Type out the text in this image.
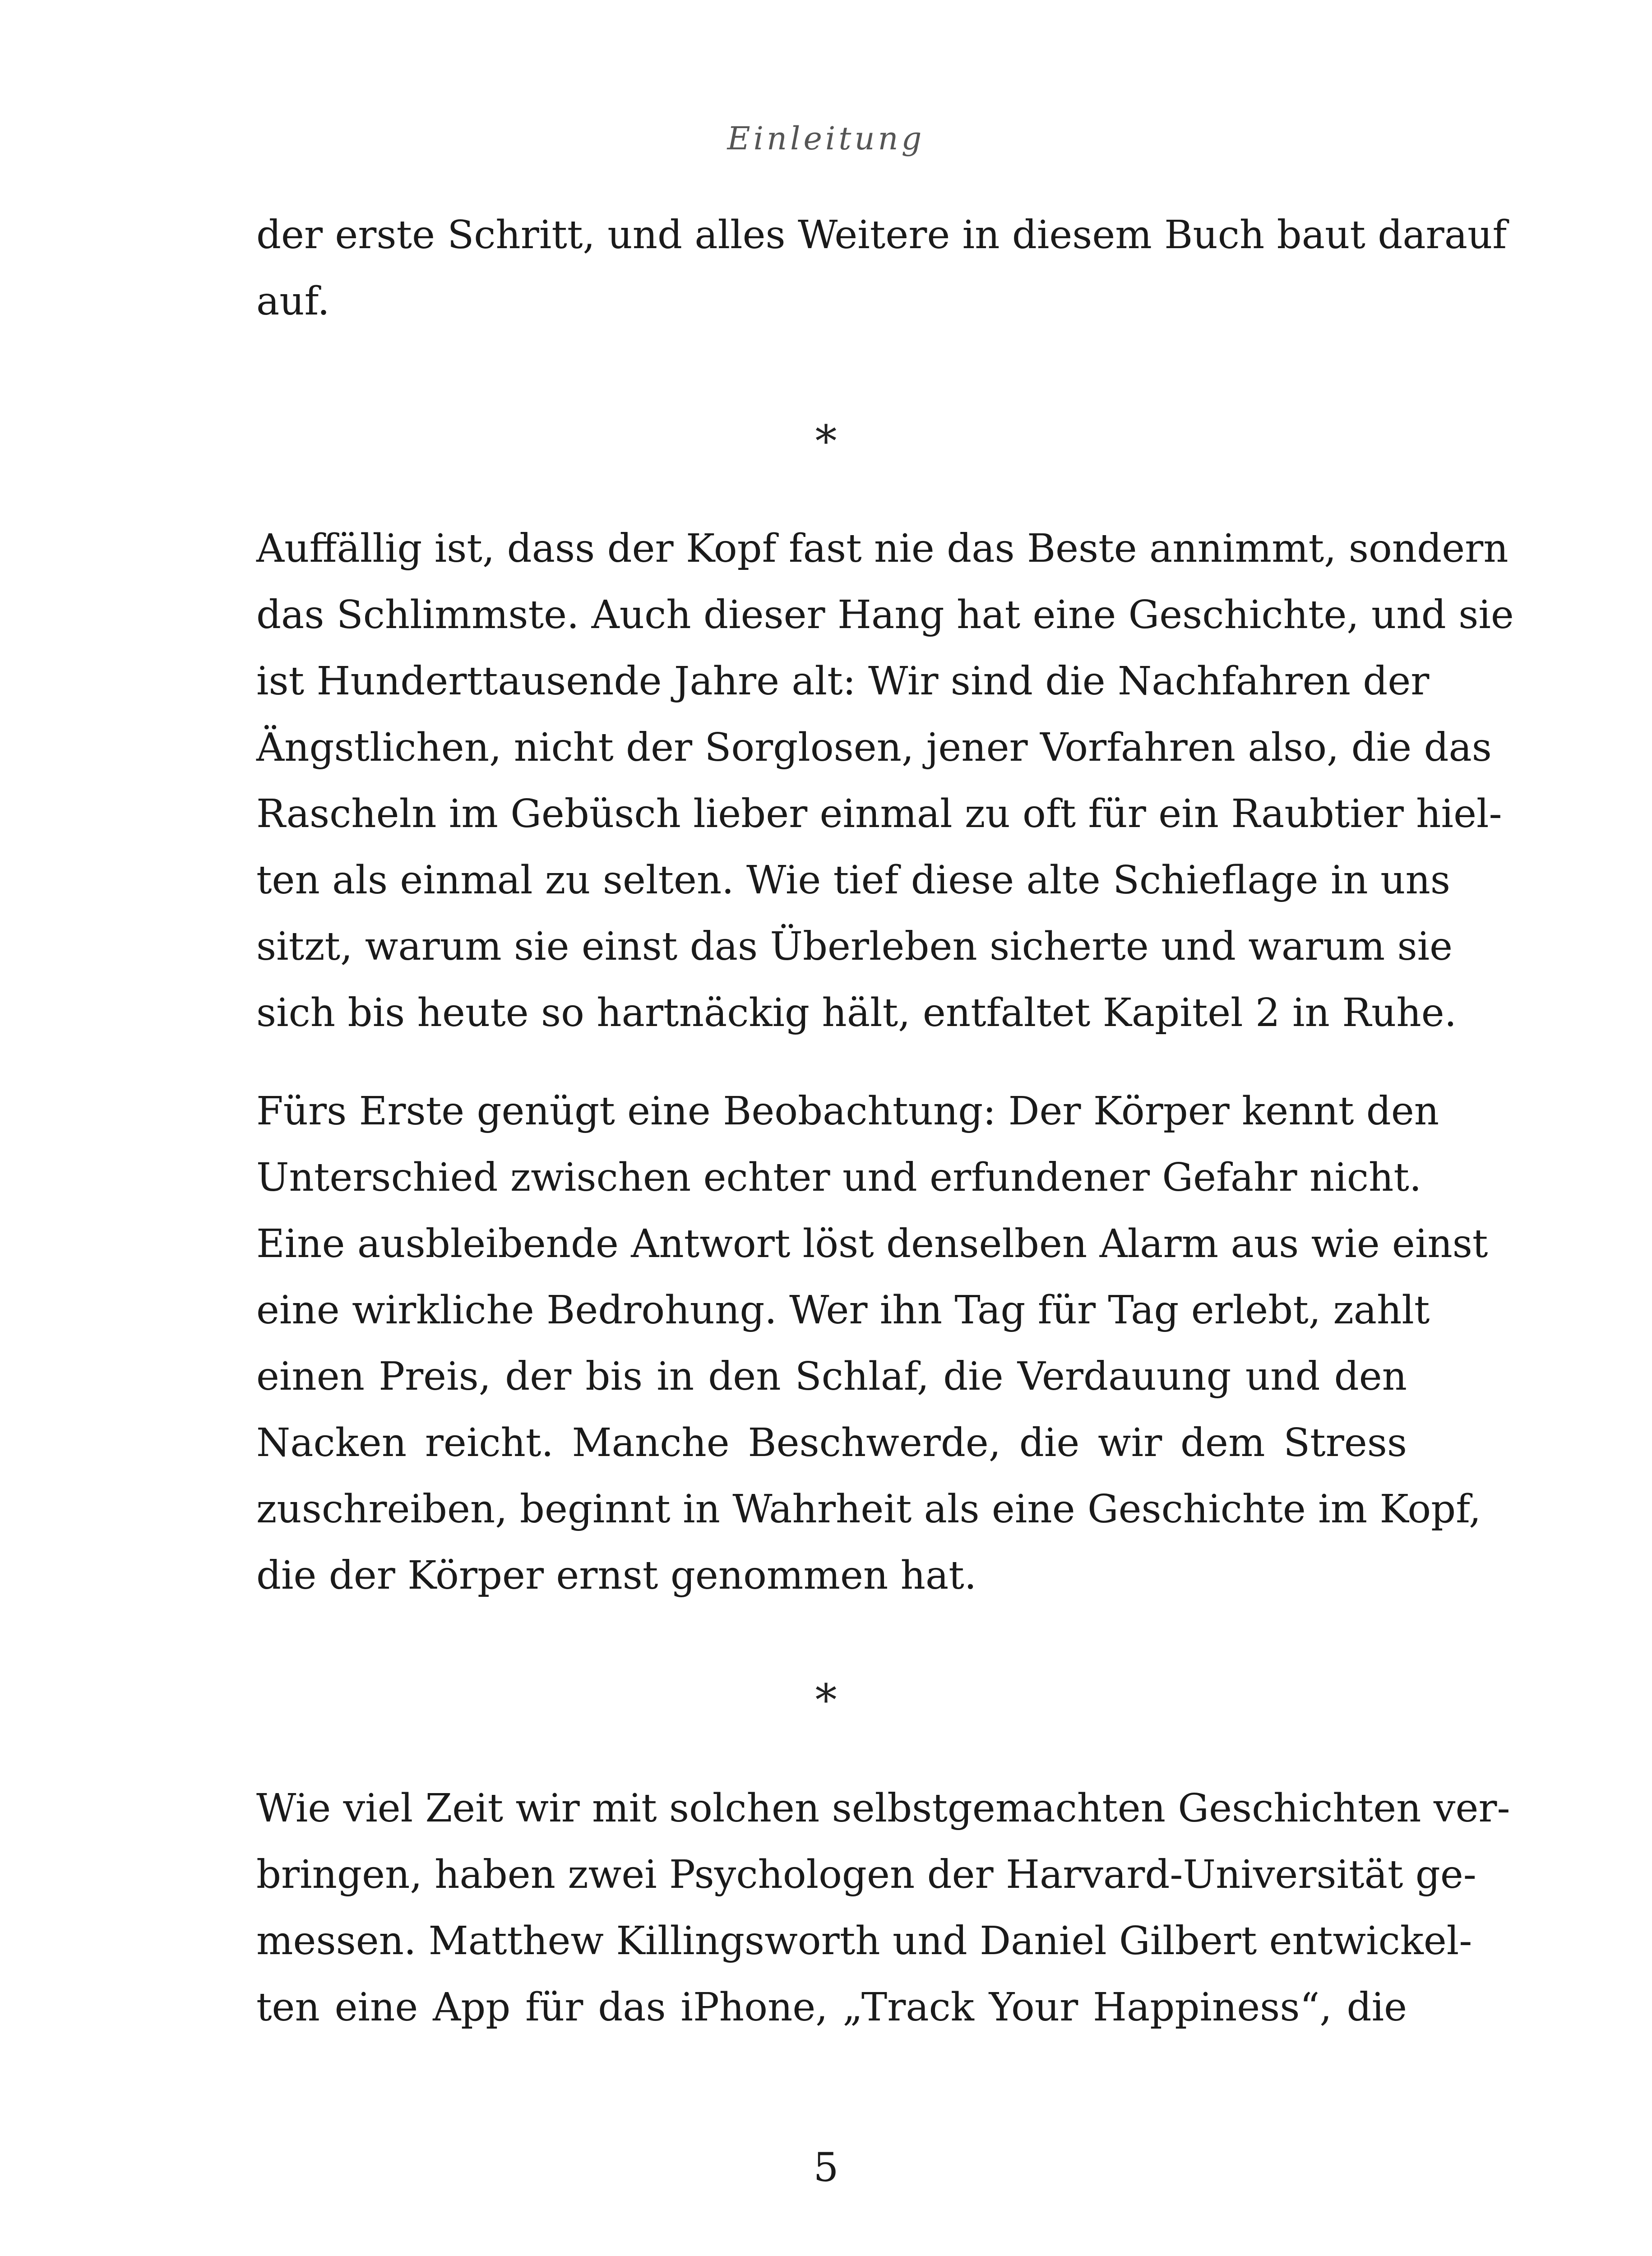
Einleitung

der erste Schritt, und alles Weitere in diesem Buch baut darauf
auf.

⁎

Auffällig ist, dass der Kopf fast nie das Beste annimmt, sondern
das Schlimmste. Auch dieser Hang hat eine Geschichte, und sie
ist Hunderttausende Jahre alt: Wir sind die Nachfahren der
Ängstlichen, nicht der Sorglosen, jener Vorfahren also, die das
Rascheln im Gebüsch lieber einmal zu oft für ein Raubtier hiel-
ten als einmal zu selten. Wie tief diese alte Schieflage in uns
sitzt, warum sie einst das Überleben sicherte und warum sie
sich bis heute so hartnäckig hält, entfaltet Kapitel 2 in Ruhe.

Fürs Erste genügt eine Beobachtung: Der Körper kennt den
Unterschied zwischen echter und erfundener Gefahr nicht.
Eine ausbleibende Antwort löst denselben Alarm aus wie einst
eine wirkliche Bedrohung. Wer ihn Tag für Tag erlebt, zahlt
einen Preis, der bis in den Schlaf, die Verdauung und den
Nacken reicht. Manche Beschwerde, die wir dem Stress
zuschreiben, beginnt in Wahrheit als eine Geschichte im Kopf,
die der Körper ernst genommen hat.

⁎

Wie viel Zeit wir mit solchen selbstgemachten Geschichten ver-
bringen, haben zwei Psychologen der Harvard-Universität ge-
messen. Matthew Killingsworth und Daniel Gilbert entwickel-
ten eine App für das iPhone, „Track Your Happiness“, die

5
